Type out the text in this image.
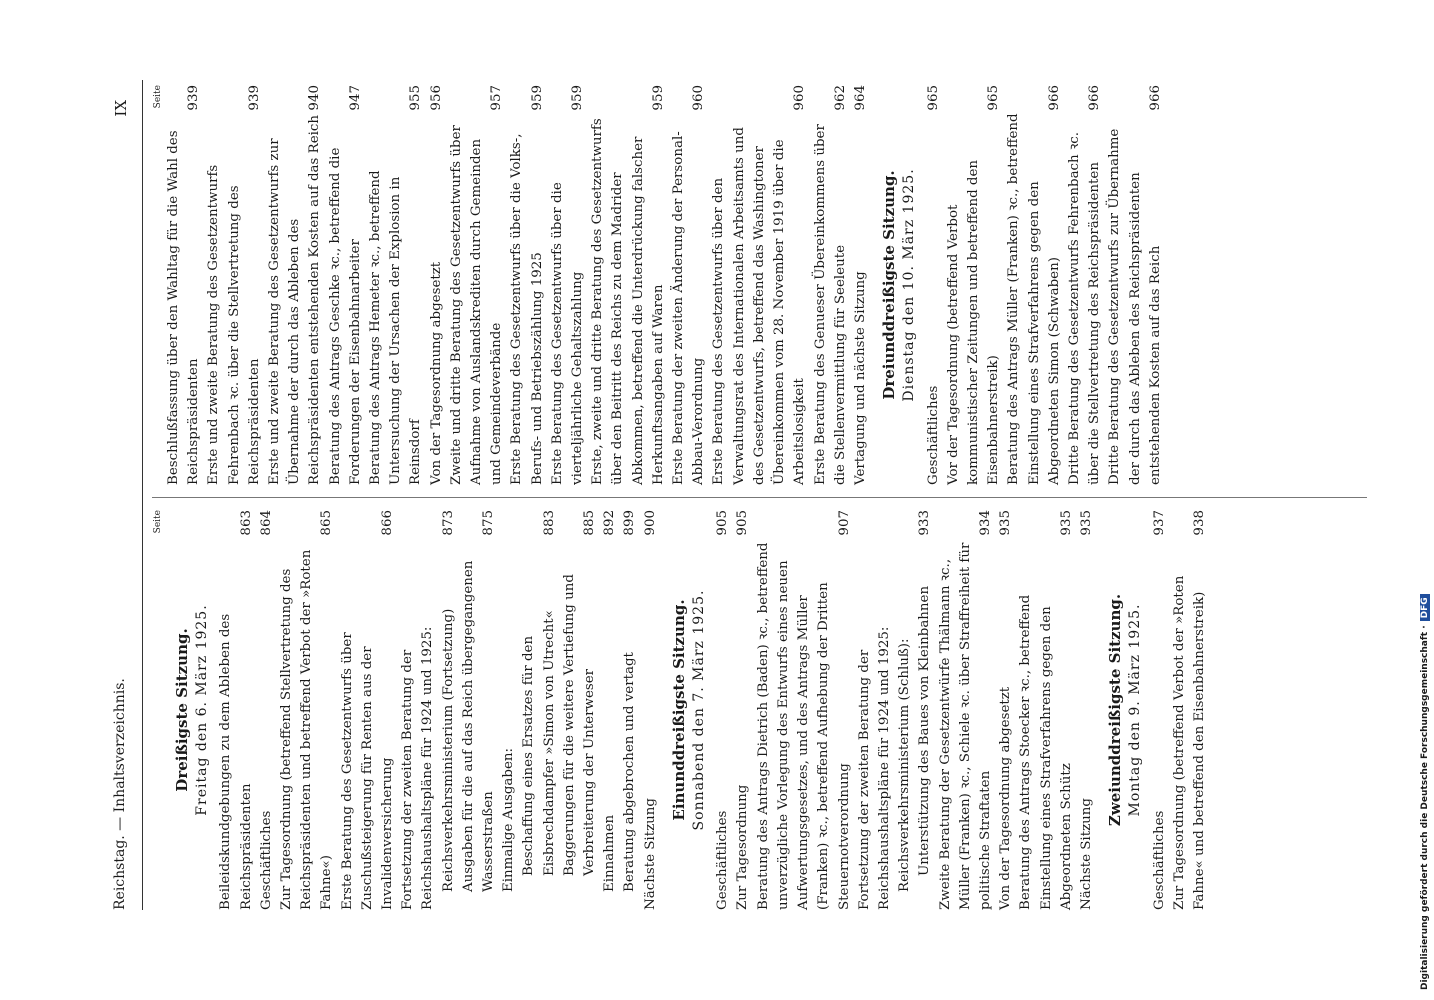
Reichstag. — Inhaltsverzeichnis.
IX
Seite
Dreißigste Sitzung. Freitag den 6. März 1925. Beileidskundgebungen zu dem Ableben des Reichspräsidenten
863
Geschäftliches
864
Zur Tagesordnung (betreffend Stellvertretung des Reichspräsidenten und betreffend Verbot der »Roten Fahne«)
865
Erste Beratung des Gesetzentwurfs über Zuschußsteigerung für Renten aus der Invalidenversicherung
866
Fortsetzung der zweiten Beratung der Reichshaushaltspläne für 1924 und 1925: Reichsverkehrsministerium (Fortsetzung)
873
Ausgaben für die auf das Reich übergegangenen Wasserstraßen
875
Einmalige Ausgaben: Beschaffung eines Ersatzes für den Eisbrechdampfer »Simon von Utrecht«
883
Baggerungen für die weitere Vertiefung und Verbreiterung der Unterweser
885
Einnahmen
892
Beratung abgebrochen und vertagt
899
Nächste Sitzung
900
Einunddreißigste Sitzung. Sonnabend den 7. März 1925.
Geschäftliches
905
Zur Tagesordnung
905
Beratung des Antrags Dietrich (Baden) ꝛc., betreffend unverzügliche Vorlegung des Entwurfs eines neuen Aufwertungsgesetzes, und des Antrags Müller (Franken) ꝛc., betreffend Aufhebung der Dritten Steuernotverordnung
907
Fortsetzung der zweiten Beratung der Reichshaushaltspläne für 1924 und 1925: Reichsverkehrsministerium (Schluß): Unterstützung des Baues von Kleinbahnen
933
Zweite Beratung der Gesetzentwürfe Thälmann ꝛc., Müller (Franken) ꝛc., Schiele ꝛc. über Straffreiheit für politische Straftaten
934
Von der Tagesordnung abgesetzt
935
Beratung des Antrags Stoecker ꝛc., betreffend Einstellung eines Strafverfahrens gegen den Abgeordneten Schütz
935
Nächste Sitzung
935
Zweiunddreißigste Sitzung. Montag den 9. März 1925.
Geschäftliches
937
Zur Tagesordnung (betreffend Verbot der »Roten Fahne« und betreffend den Eisenbahnerstreik)
938
Seite
Beschlußfassung über den Wahltag für die Wahl des Reichspräsidenten
939
Erste und zweite Beratung des Gesetzentwurfs Fehrenbach ꝛc. über die Stellvertretung des Reichspräsidenten
939
Erste und zweite Beratung des Gesetzentwurfs zur Übernahme der durch das Ableben des Reichspräsidenten entstehenden Kosten auf das Reich
940
Beratung des Antrags Geschke ꝛc., betreffend die Forderungen der Eisenbahnarbeiter
947
Beratung des Antrags Hemeter ꝛc., betreffend Untersuchung der Ursachen der Explosion in Reinsdorf
955
Von der Tagesordnung abgesetzt
956
Zweite und dritte Beratung des Gesetzentwurfs über Aufnahme von Auslandskrediten durch Gemeinden und Gemeindeverbände
957
Erste Beratung des Gesetzentwurfs über die Volks-, Berufs- und Betriebszählung 1925
959
Erste Beratung des Gesetzentwurfs über die vierteljährliche Gehaltszahlung
959
Erste, zweite und dritte Beratung des Gesetzentwurfs über den Beitritt des Reichs zu dem Madrider Abkommen, betreffend die Unterdrückung falscher Herkunftsangaben auf Waren
959
Erste Beratung der zweiten Änderung der Personal-Abbau-Verordnung
960
Erste Beratung des Gesetzentwurfs über den Verwaltungsrat des Internationalen Arbeitsamts und des Gesetzentwurfs, betreffend das Washingtoner Übereinkommen vom 28. November 1919 über die Arbeitslosigkeit
960
Erste Beratung des Genueser Übereinkommens über die Stellenvermittlung für Seeleute
962
Vertagung und nächste Sitzung
964
Dreiunddreißigste Sitzung. Dienstag den 10. März 1925.
Geschäftliches
965
Vor der Tagesordnung (betreffend Verbot kommunistischer Zeitungen und betreffend den Eisenbahnerstreik)
965
Beratung des Antrags Müller (Franken) ꝛc., betreffend Einstellung eines Strafverfahrens gegen den Abgeordneten Simon (Schwaben)
966
Dritte Beratung des Gesetzentwurfs Fehrenbach ꝛc. über die Stellvertretung des Reichspräsidenten
966
Dritte Beratung des Gesetzentwurfs zur Übernahme der durch das Ableben des Reichspräsidenten entstehenden Kosten auf das Reich
966
Digitalisierung gefördert durch die Deutsche Forschungsgemeinschaft ·DFG
